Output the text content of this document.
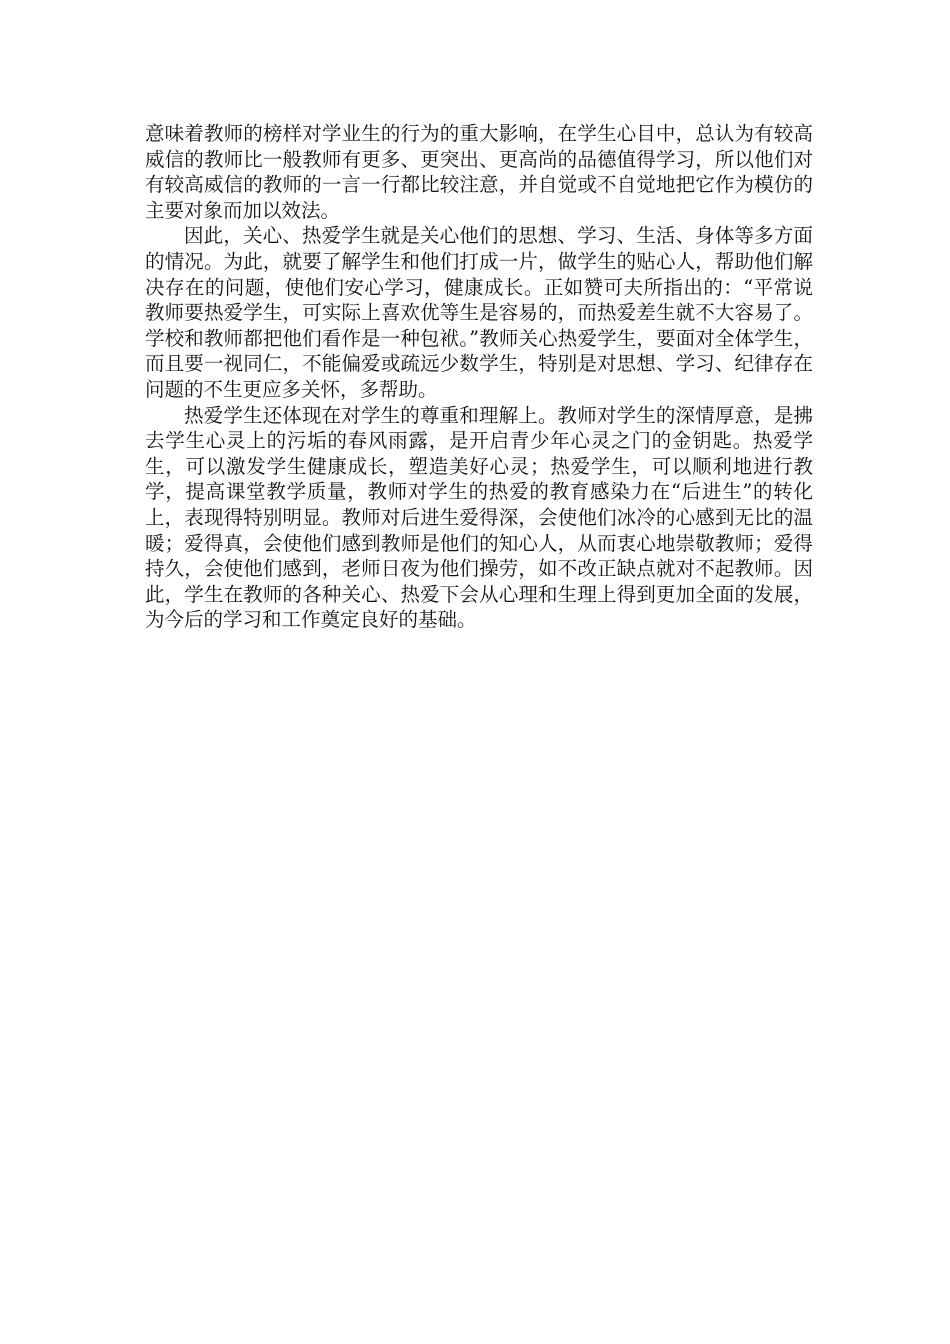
意味着教师的榜样对学业生的行为的重大影响，在学生心目中，总认为有较高威信的教师比一般教师有更多、更突出、更高尚的品德值得学习，所以他们对有较高威信的教师的一言一行都比较注意，并自觉或不自觉地把它作为模仿的主要对象而加以效法。

因此，关心、热爱学生就是关心他们的思想、学习、生活、身体等多方面的情况。为此，就要了解学生和他们打成一片，做学生的贴心人，帮助他们解决存在的问题，使他们安心学习，健康成长。正如赞可夫所指出的：“平常说教师要热爱学生，可实际上喜欢优等生是容易的，而热爱差生就不大容易了。学校和教师都把他们看作是一种包袱。”教师关心热爱学生，要面对全体学生，而且要一视同仁，不能偏爱或疏远少数学生，特别是对思想、学习、纪律存在问题的不生更应多关怀，多帮助。

热爱学生还体现在对学生的尊重和理解上。教师对学生的深情厚意，是拂去学生心灵上的污垢的春风雨露，是开启青少年心灵之门的金钥匙。热爱学生，可以激发学生健康成长，塑造美好心灵；热爱学生，可以顺利地进行教学，提高课堂教学质量，教师对学生的热爱的教育感染力在“后进生”的转化上，表现得特别明显。教师对后进生爱得深，会使他们冰冷的心感到无比的温暖；爱得真，会使他们感到教师是他们的知心人，从而衷心地崇敬教师；爱得持久，会使他们感到，老师日夜为他们操劳，如不改正缺点就对不起教师。因此，学生在教师的各种关心、热爱下会从心理和生理上得到更加全面的发展，为今后的学习和工作奠定良好的基础。
